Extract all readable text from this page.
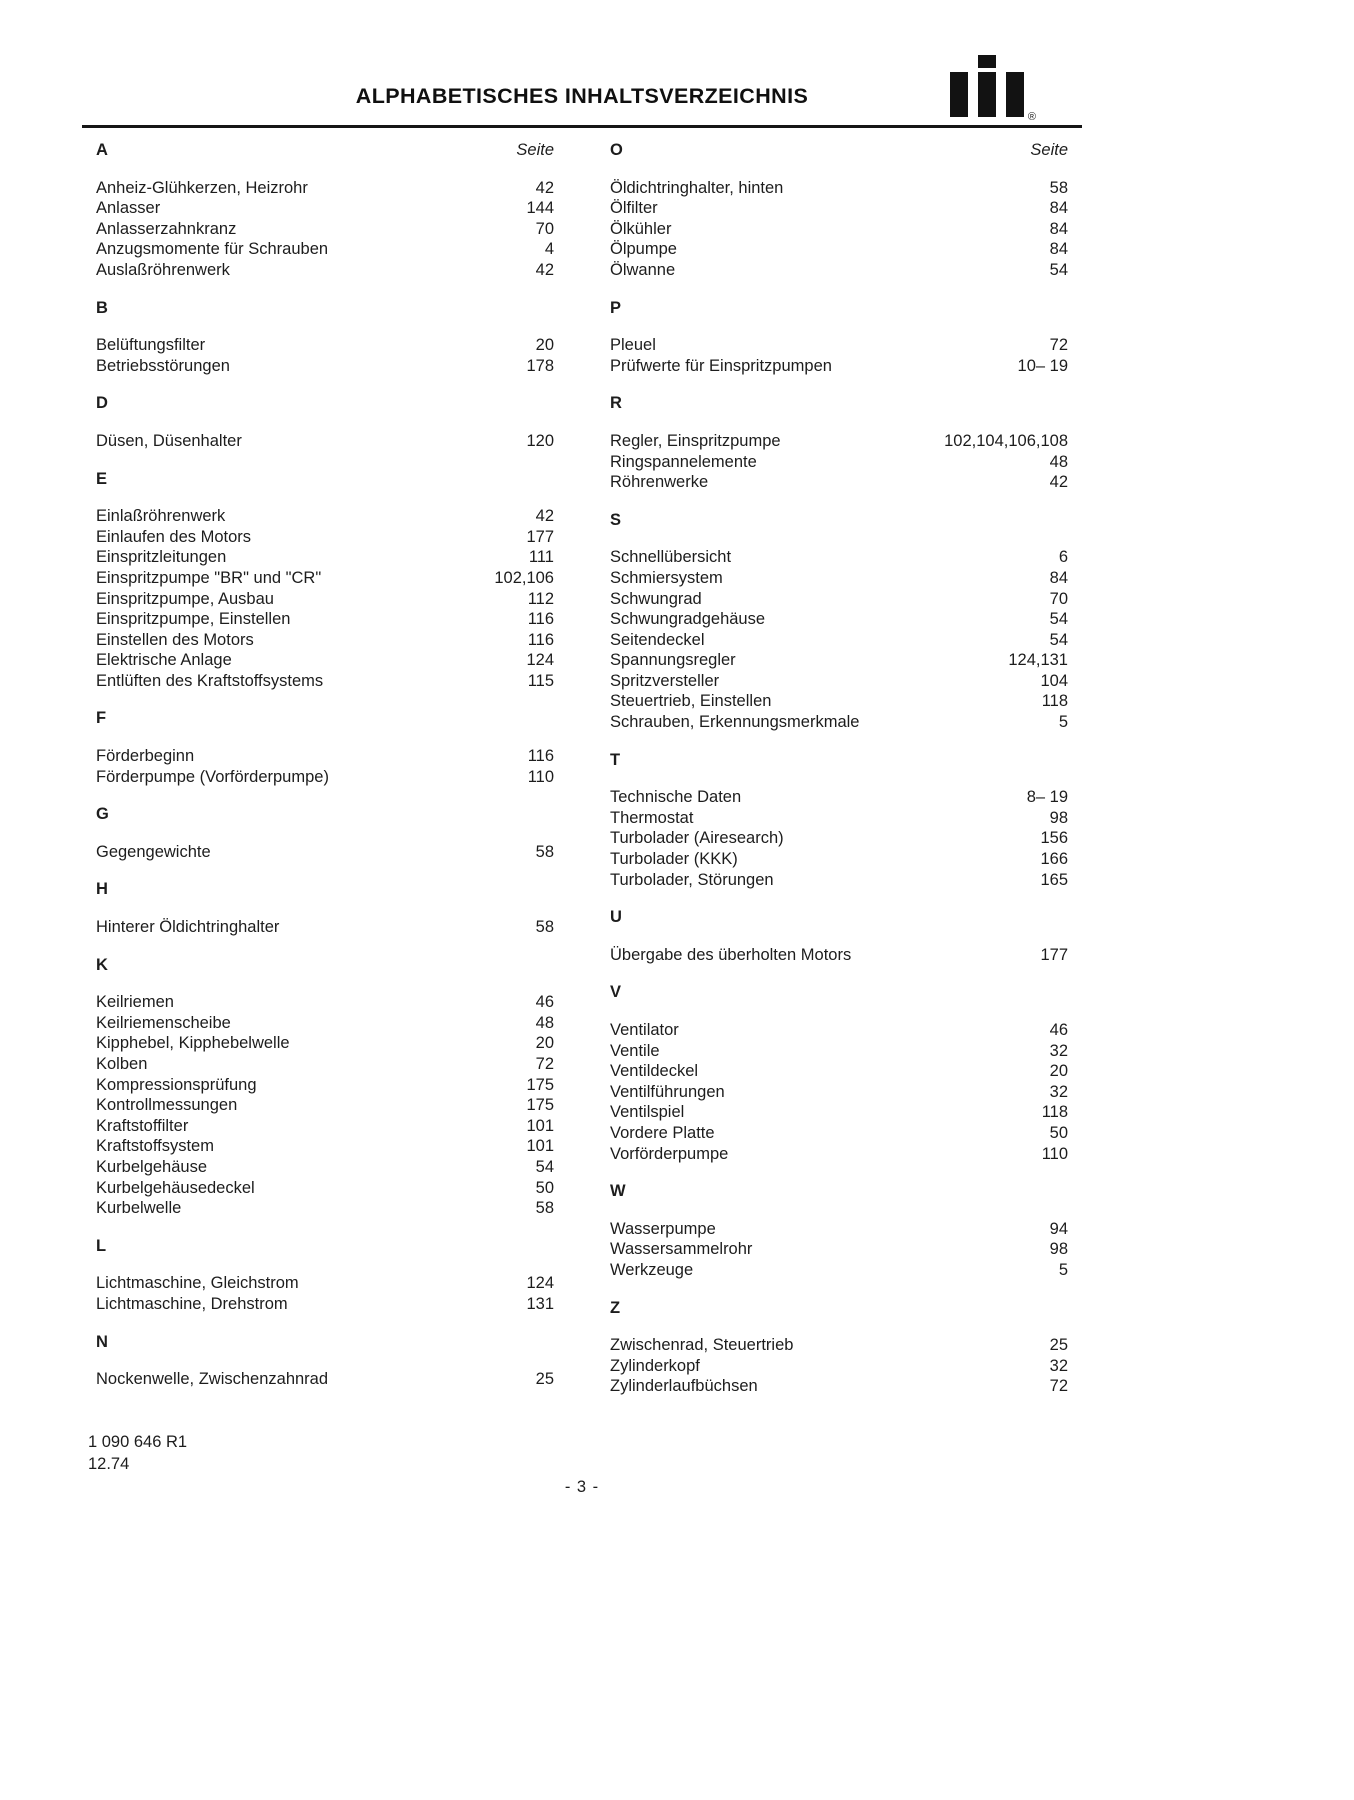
®
ALPHABETISCHES INHALTSVERZEICHNIS
A	Seite
Anheiz-Glühkerzen, Heizrohr	42
Anlasser	144
Anlasserzahnkranz	70
Anzugsmomente für Schrauben	4
Auslaßröhrenwerk	42
B
Belüftungsfilter	20
Betriebsstörungen	178
D
Düsen, Düsenhalter	120
E
Einlaßröhrenwerk	42
Einlaufen des Motors	177
Einspritzleitungen	111
Einspritzpumpe "BR" und "CR"	102,106
Einspritzpumpe, Ausbau	112
Einspritzpumpe, Einstellen	116
Einstellen des Motors	116
Elektrische Anlage	124
Entlüften des Kraftstoffsystems	115
F
Förderbeginn	116
Förderpumpe (Vorförderpumpe)	110
G
Gegengewichte	58
H
Hinterer Öldichtringhalter	58
K
Keilriemen	46
Keilriemenscheibe	48
Kipphebel, Kipphebelwelle	20
Kolben	72
Kompressionsprüfung	175
Kontrollmessungen	175
Kraftstoffilter	101
Kraftstoffsystem	101
Kurbelgehäuse	54
Kurbelgehäusedeckel	50
Kurbelwelle	58
L
Lichtmaschine, Gleichstrom	124
Lichtmaschine, Drehstrom	131
N
Nockenwelle, Zwischenzahnrad	25
O	Seite
Öldichtringhalter, hinten	58
Ölfilter	84
Ölkühler	84
Ölpumpe	84
Ölwanne	54
P
Pleuel	72
Prüfwerte für Einspritzpumpen	10– 19
R
Regler, Einspritzpumpe	102,104,106,108
Ringspannelemente	48
Röhrenwerke	42
S
Schnellübersicht	6
Schmiersystem	84
Schwungrad	70
Schwungradgehäuse	54
Seitendeckel	54
Spannungsregler	124,131
Spritzversteller	104
Steuertrieb, Einstellen	118
Schrauben, Erkennungsmerkmale	5
T
Technische Daten	8– 19
Thermostat	98
Turbolader (Airesearch)	156
Turbolader (KKK)	166
Turbolader, Störungen	165
U
Übergabe des überholten Motors	177
V
Ventilator	46
Ventile	32
Ventildeckel	20
Ventilführungen	32
Ventilspiel	118
Vordere Platte	50
Vorförderpumpe	110
W
Wasserpumpe	94
Wassersammelrohr	98
Werkzeuge	5
Z
Zwischenrad, Steuertrieb	25
Zylinderkopf	32
Zylinderlaufbüchsen	72
1 090 646 R1
12.74
- 3 -
